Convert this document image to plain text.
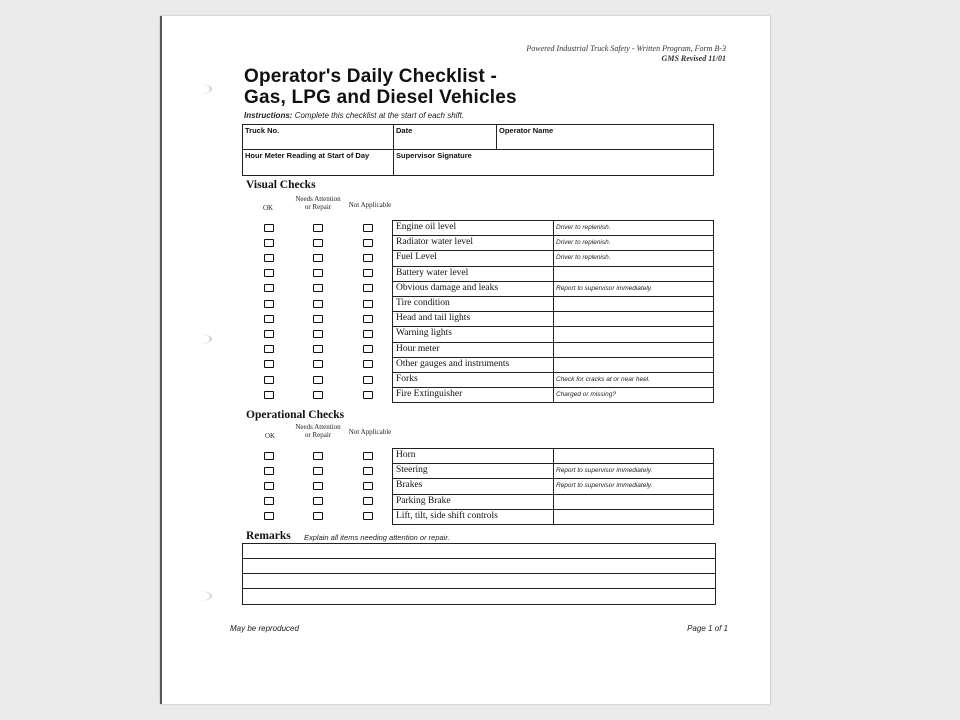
Powered Industrial Truck Safety - Written Program, Form B-3
GMS Revised 11/01
Operator's Daily Checklist -
Gas, LPG and Diesel Vehicles
Instructions: Complete this checklist at the start of each shift.
Truck No.	Date	Operator Name
Hour Meter Reading at Start of Day	Supervisor Signature
Visual Checks
OK
Needs Attention or Repair	Not Applicable
Engine oil level	Driver to replenish.
Radiator water level	Driver to replenish.
Fuel Level	Driver to replenish.
Battery water level
Obvious damage and leaks	Report to supervisor immediately.
Tire condition
Head and tail lights
Warning lights
Hour meter
Other gauges and instruments
Forks	Check for cracks at or near heel.
Fire Extinguisher	Charged or missing?
Operational Checks
OK
Needs Attention or Repair	Not Applicable
Horn
Steering	Report to supervisor immediately.
Brakes	Report to supervisor immediately.
Parking Brake
Lift, tilt, side shift controls
Remarks Explain all items needing attention or repair.
May be reproduced	Page 1 of 1
